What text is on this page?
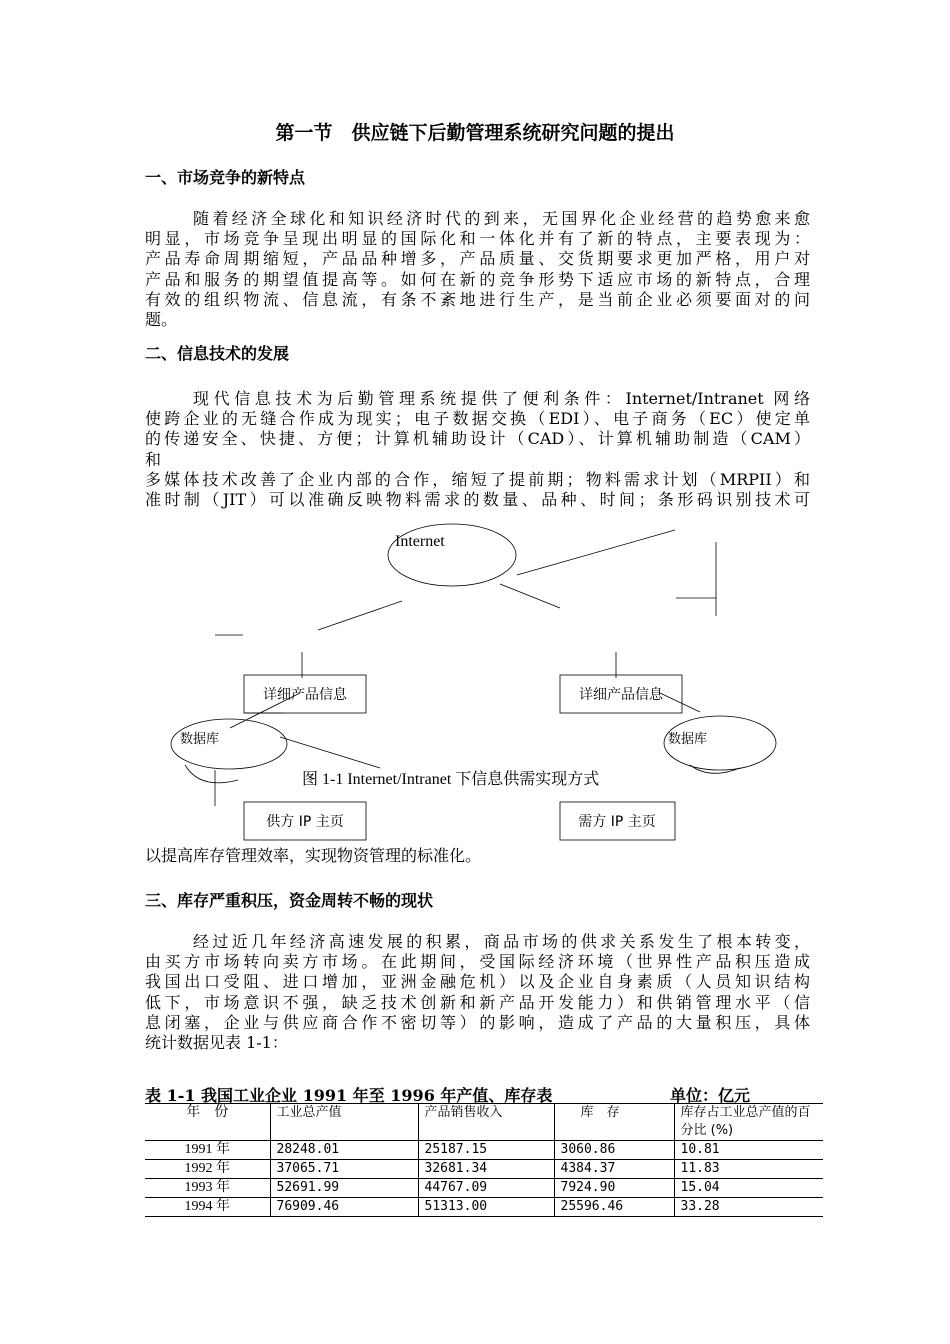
第一节　供应链下后勤管理系统研究问题的提出
一、市场竞争的新特点
随着经济全球化和知识经济时代的到来，无国界化企业经营的趋势愈来愈
明显，市场竞争呈现出明显的国际化和一体化并有了新的特点，主要表现为：
产品寿命周期缩短，产品品种增多，产品质量、交货期要求更加严格，用户对
产品和服务的期望值提高等。如何在新的竞争形势下适应市场的新特点，合理
有效的组织物流、信息流，有条不紊地进行生产，是当前企业必须要面对的问
题。
二、信息技术的发展
现代信息技术为后勤管理系统提供了便利条件：Internet/Intranet 网络
使跨企业的无缝合作成为现实；电子数据交换（EDI）、电子商务（EC）使定单
的传递安全、快捷、方便；计算机辅助设计（CAD）、计算机辅助制造（CAM）
和
多媒体技术改善了企业内部的合作，缩短了提前期；物料需求计划（MRPII）和
准时制（JIT）可以准确反映物料需求的数量、品种、时间；条形码识别技术可
Internet
详细产品信息	详细产品信息
数据库	数据库
图 1-1 Internet/Intranet 下信息供需实现方式
供方 IP 主页	需方 IP 主页

以提高库存管理效率，实现物资管理的标准化。

三、库存严重积压，资金周转不畅的现状
经过近几年经济高速发展的积累，商品市场的供求关系发生了根本转变，
由买方市场转向卖方市场。在此期间，受国际经济环境（世界性产品积压造成
我国出口受阻、进口增加，亚洲金融危机）以及企业自身素质（人员知识结构
低下，市场意识不强，缺乏技术创新和新产品开发能力）和供销管理水平（信
息闭塞，企业与供应商合作不密切等）的影响，造成了产品的大量积压，具体
统计数据见表 1-1：

表 1-1 我国工业企业 1991 年至 1996 年产值、库存表	单位：亿元

年　份	工业总产值	产品销售收入	库　存	库存占工业总产值的百分比 (%)
1991 年	28248.01	25187.15	3060.86	10.81
1992 年	37065.71	32681.34	4384.37	11.83
1993 年	52691.99	44767.09	7924.90	15.04
1994 年	76909.46	51313.00	25596.46	33.28
